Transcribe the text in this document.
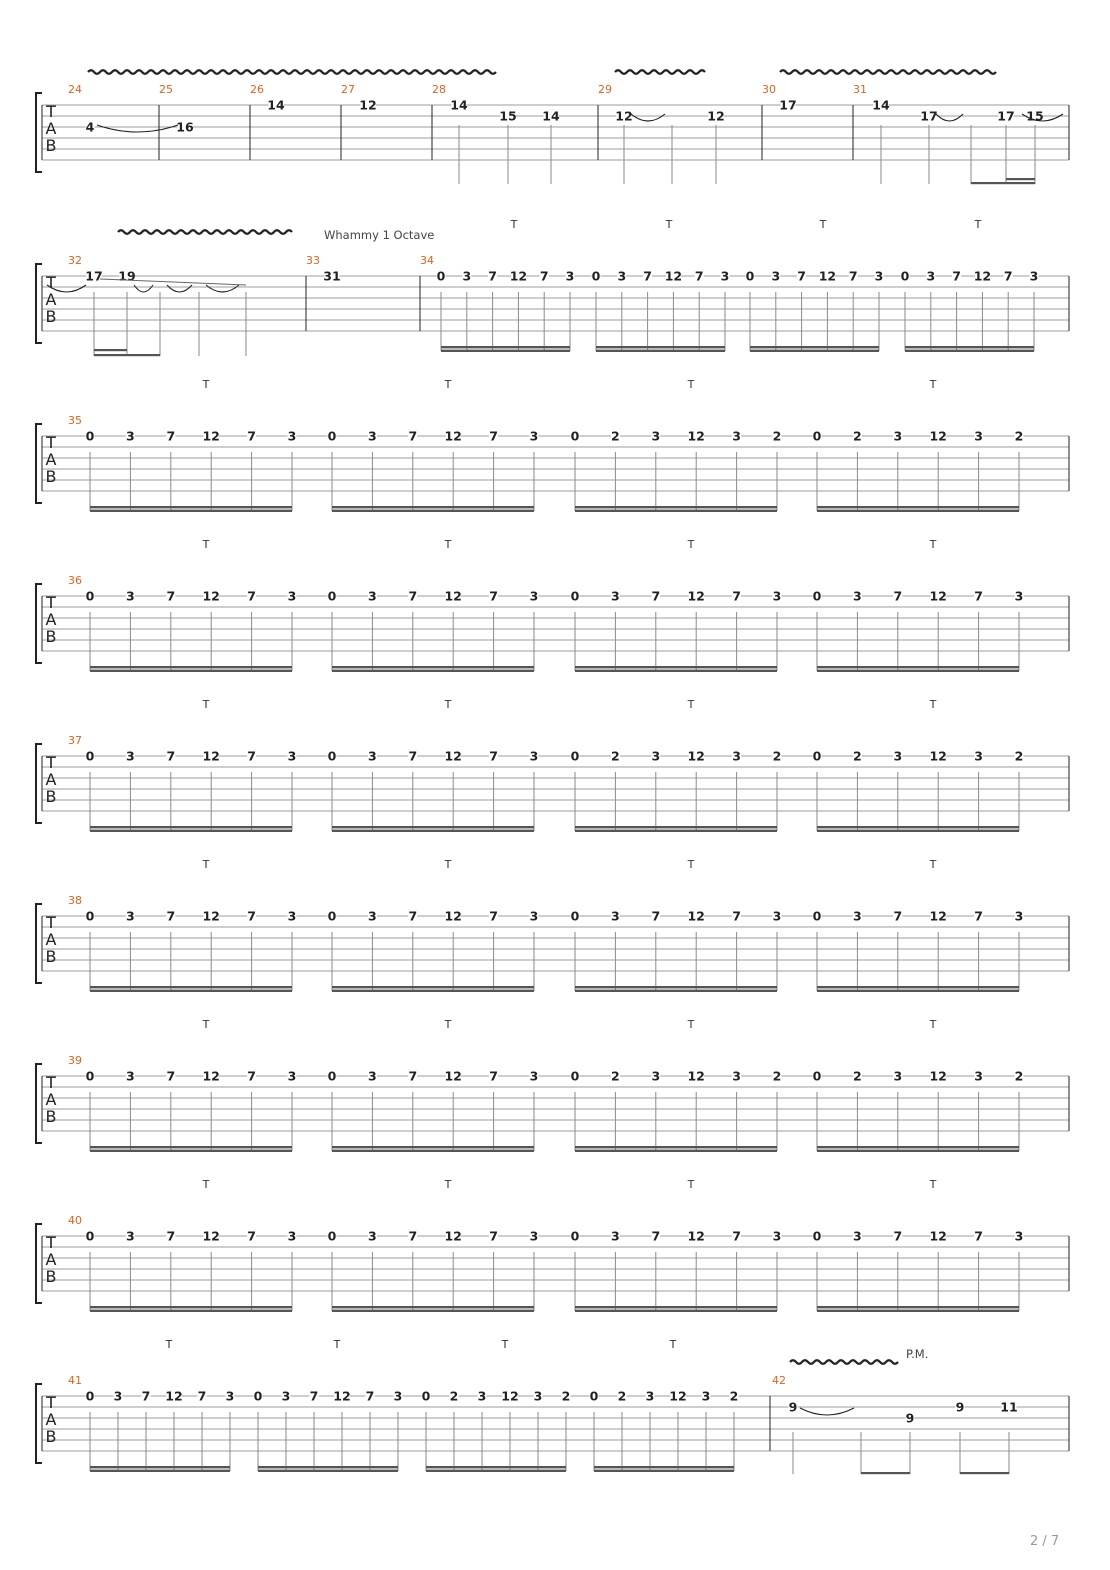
T
A
B
24	25	26	27	28	29	30	31
4	16
14	12	14
15 14	12	12
17	14
17	17 15
T
A
B
Whammy 1 Octave
32	33	34
17 19	31	0 3 7 12 7 3
T
0 3 7 12 7 3
T
0 3 7 12 7 3
T
0 3 7 12 7 3
T
T
A
B
35
0	3	7 12 7	3
T
0	3	7 12 7	3
T
0	2	3 12 3	2
T
0	2	3 12 3	2
T
T
A
B
36
0	3	7 12 7	3
T
0	3	7 12 7	3
T
0	3	7 12 7	3
T
0	3	7 12 7	3
T
T
A
B
37
0	3	7 12 7	3
T
0	3	7 12 7	3
T
0	2	3 12 3	2
T
0	2	3 12 3	2
T
T
A
B
38
0	3	7 12 7	3
T
0	3	7 12 7	3
T
0	3	7 12 7	3
T
0	3	7 12 7	3
T
T
A
B
39
0	3	7 12 7	3
T
0	3	7 12 7	3
T
0	2	3 12 3	2
T
0	2	3 12 3	2
T
T
A
B
40
0	3	7 12 7	3
T
0	3	7 12 7	3
T
0	3	7 12 7	3
T
0	3	7 12 7	3
T
T
A
B
P.M.
41	42
0 3 7 12 7 3
T
0 3 7 12 7 3
T
0 2 3 12 3 2
T
0 2 3 12 3 2
T
9
9
9	11
2 / 7
